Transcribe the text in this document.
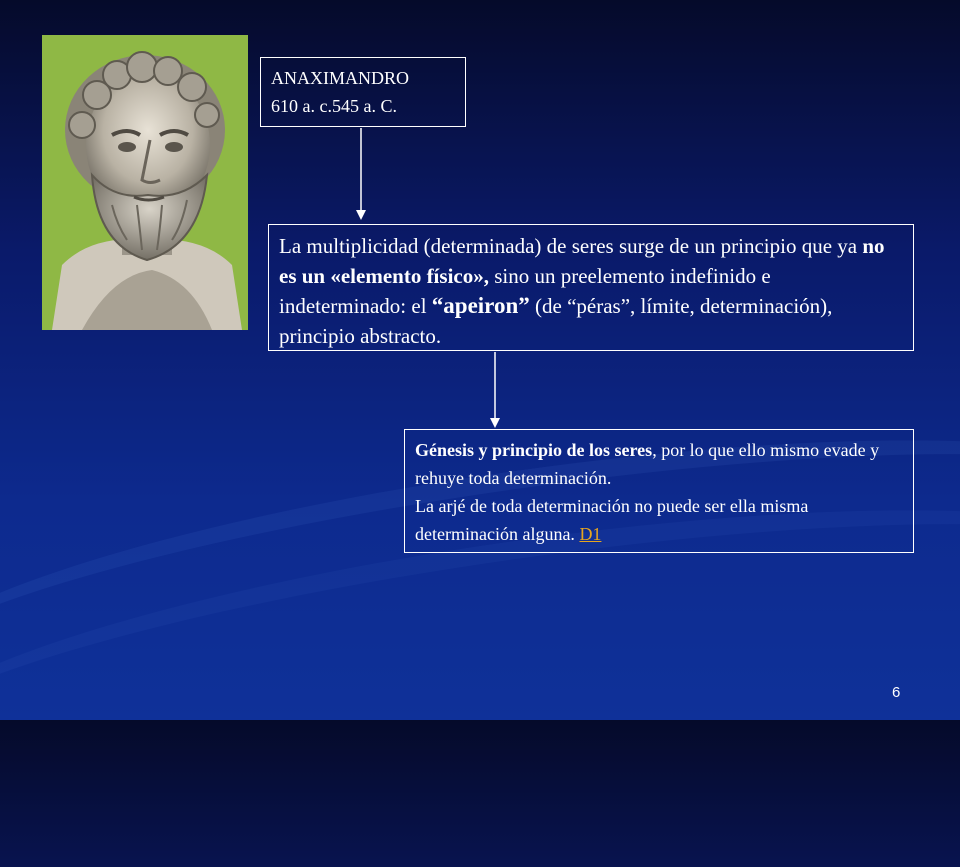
ANAXIMANDRO
610 a. c.545 a. C.
La multiplicidad (determinada) de seres surge de un principio que ya no es un «elemento físico», sino un preelemento indefinido e indeterminado: el “apeiron” (de “péras”, límite, determinación), principio abstracto.
Génesis y principio de los seres, por lo que ello mismo evade y rehuye toda determinación.
La arjé de toda determinación no puede ser ella misma determinación alguna. D1
6
